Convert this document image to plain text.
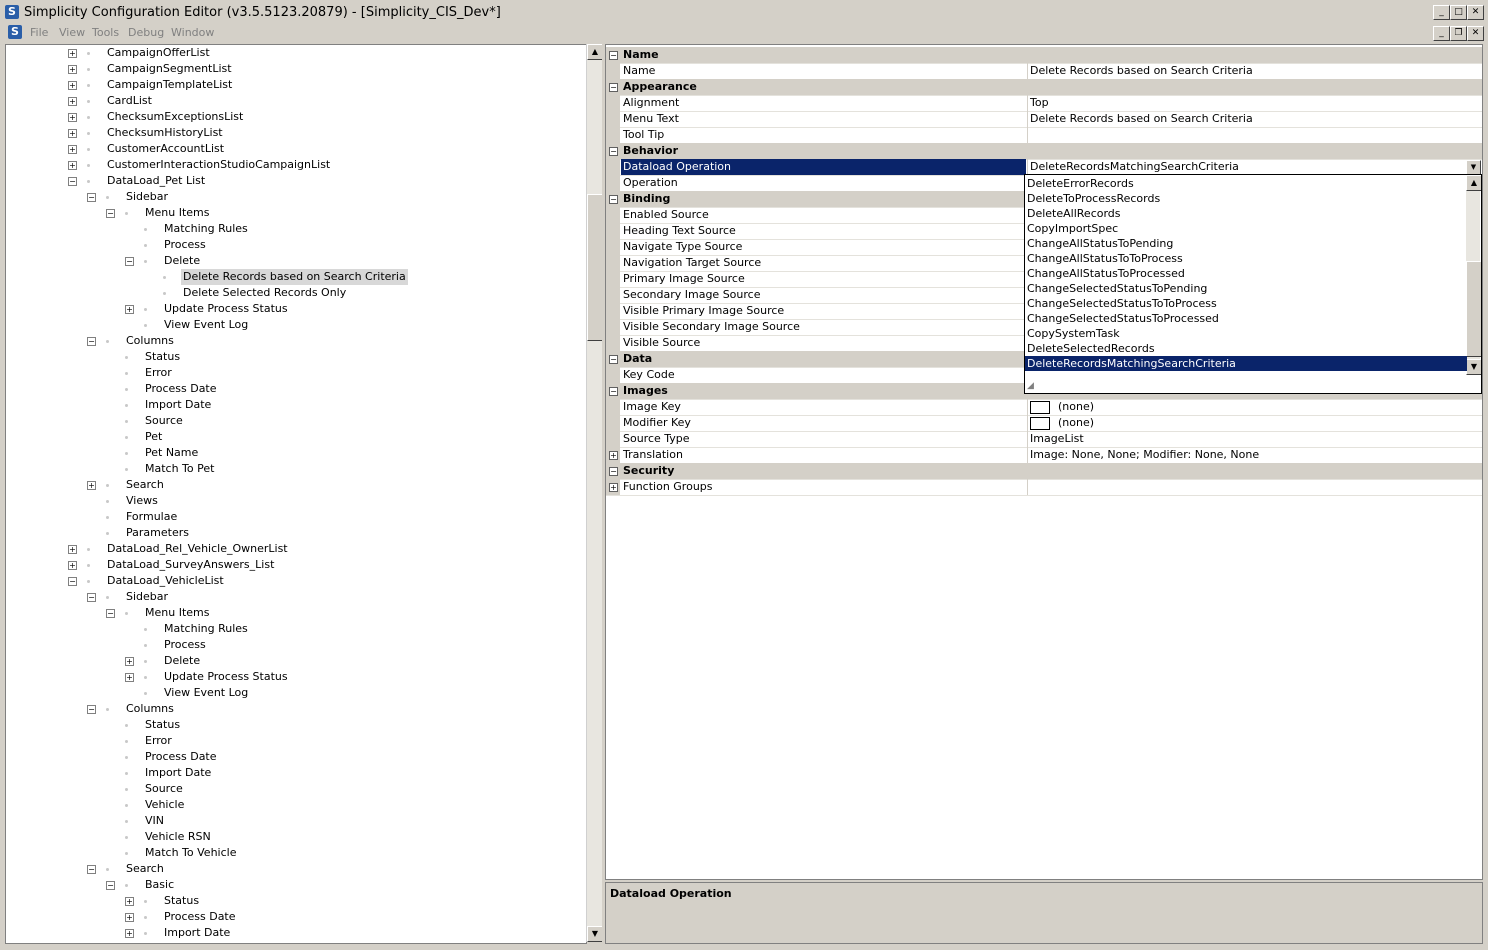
S Simplicity Configuration Editor (v3.5.5123.20879) - [Simplicity_CIS_Dev*]	_	□ ✕
S File View Tools Debug Window	_	❐	✕
+	CampaignOfferList
+	CampaignSegmentList
+	CampaignTemplateList
+	CardList
+	ChecksumExceptionsList
+	ChecksumHistoryList
+	CustomerAccountList
+	CustomerInteractionStudioCampaignList
−	DataLoad_Pet List
−	Sidebar
−	Menu Items
Matching Rules
Process
−	Delete
Delete Records based on Search Criteria
Delete Selected Records Only
+	Update Process Status
View Event Log
−	Columns
Status
Error
Process Date
Import Date
Source
Pet
Pet Name
Match To Pet
+	Search
Views
Formulae
Parameters
+	DataLoad_Rel_Vehicle_OwnerList
+	DataLoad_SurveyAnswers_List
−	DataLoad_VehicleList
−	Sidebar
−	Menu Items
Matching Rules
Process
+	Delete
+	Update Process Status
View Event Log
−	Columns
Status
Error
Process Date
Import Date
Source
Vehicle
VIN
Vehicle RSN
Match To Vehicle
−	Search
−	Basic
+	Status
+	Process Date
+	Import Date
▲
▼
− Name
Name	Delete Records based on Search Criteria
− Appearance
Alignment	Top
Menu Text	Delete Records based on Search Criteria
Tool Tip
− Behavior
Dataload Operation	DeleteRecordsMatchingSearchCriteria	▼
Operation
− Binding
Enabled Source
Heading Text Source
Navigate Type Source
Navigation Target Source
Primary Image Source
Secondary Image Source
Visible Primary Image Source
Visible Secondary Image Source
Visible Source
− Data
Key Code
− Images
Image Key	(none)
Modifier Key	(none)
Source Type	ImageList
+ Translation	Image: None, None; Modifier: None, None
− Security
+ Function Groups
▲
▼
◢
DeleteErrorRecords
DeleteToProcessRecords
DeleteAllRecords
CopyImportSpec
ChangeAllStatusToPending
ChangeAllStatusToToProcess
ChangeAllStatusToProcessed
ChangeSelectedStatusToPending
ChangeSelectedStatusToToProcess
ChangeSelectedStatusToProcessed
CopySystemTask
DeleteSelectedRecords
DeleteRecordsMatchingSearchCriteria
Dataload Operation
